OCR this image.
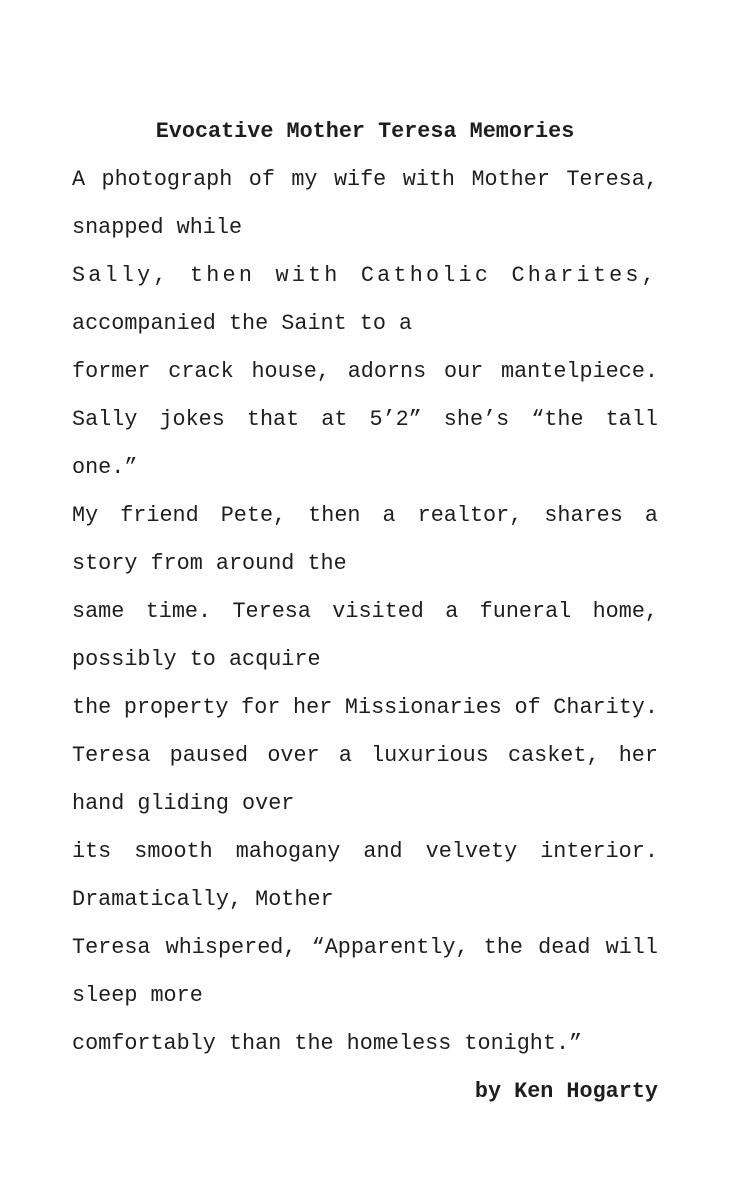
Evocative Mother Teresa Memories
A photograph of my wife with Mother Teresa,
snapped while
Sally, then with Catholic Charites,
accompanied the Saint to a
former crack house, adorns our mantelpiece.
Sally jokes that at 5’2” she’s “the tall
one.”
My friend Pete, then a realtor, shares a
story from around the
same time. Teresa visited a funeral home,
possibly to acquire
the property for her Missionaries of Charity.
Teresa paused over a luxurious casket, her
hand gliding over
its smooth mahogany and velvety interior.
Dramatically, Mother
Teresa whispered, “Apparently, the dead will
sleep more
comfortably than the homeless tonight.”
by Ken Hogarty
